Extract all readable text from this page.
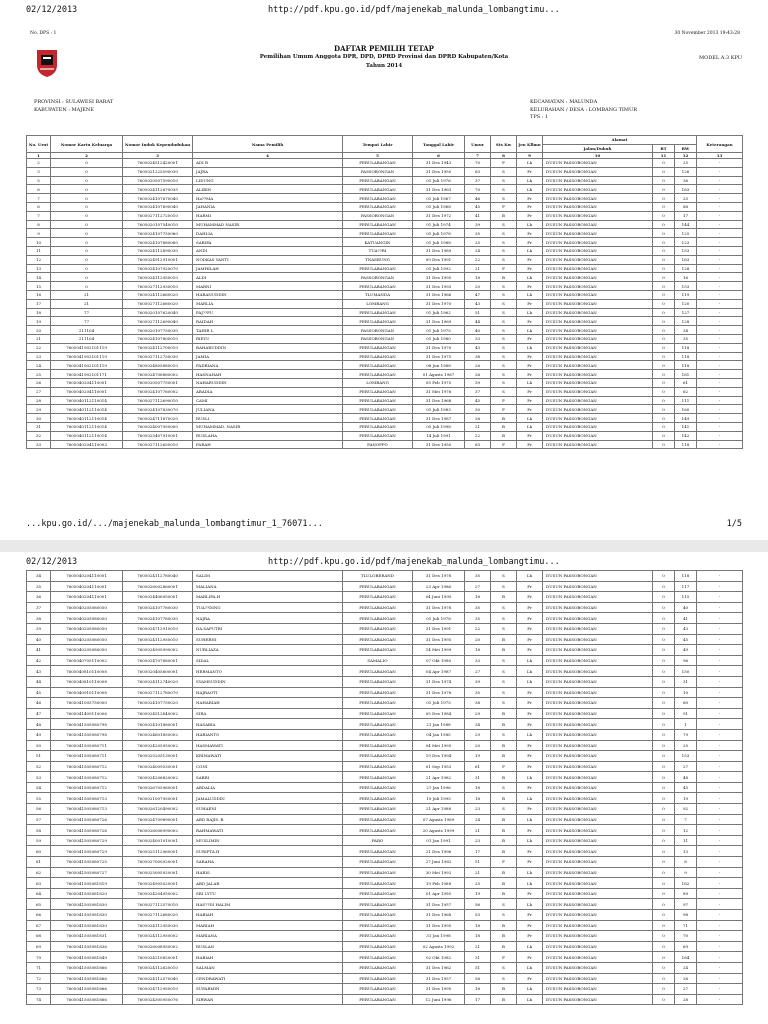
02/12/2013	http://pdf.kpu.go.id/pdf/majenekab_malunda_lombangtimu...
No. DPS : 1	30 November 2013 19:43:28
DAFTAR PEMILIH TETAP
Pemilihan Umum Anggota DPR, DPD, DPRD Provinsi dan DPRD Kabupaten/Kota
Tahun 2014
MODEL A.3 KPU
PROVINSI : SULAWESI BARAT
KABUPATEN : MAJENE
KECAMATAN : MALUNDA
KELURAHAN / DESA : LOMBANG TIMUR
TPS : 1
No. Urut	Nomor Kartu Keluarga	Nomor Induk Kependudukan	Nama Pemilih	Tempat Lahir	Tanggal Lahir	Umur	Sts Kw	Jen Kllmn	Alamat			Keterangan
									Jalan/Dukuh	RT	RW	
1	2	3	4	5	6	7	8	9	10	11	12	13
2	0	7605024512420001	ADI B	PERULABANGAN	31 Des 1943	70	P	Lk	DUSUN PASSOBONGAN	0	25	-
3	0	7605021225590030	JAJRA	PASSOBONGAN	31 Des 1950	63	S	Pr	DUSUN PASSOBONGAN	0	126	-
5	0	7605020507590010	LIDUNG	PERULABANGAN	01 Juli 1976	37	S	Lk	DUSUN PASSOBONGAN	0	36	-
6	0	7605024112670035	ALIBIN	PERULABANGAN	31 Des 1963	70	S	Lk	DUSUN PASSOBONGAN	0	163	-
7	0	7605024107670040	Ha??MA	PERULABANGAN	01 Juli 1967	46	S	Pr	DUSUN PASSOBONGAN	0	25	-
6	0	7605024107690040	JAHANIA	PERULABANGAN	01 Juli 1968	45	P	Pr	DUSUN PASSOBONGAN	0	88	-
7	0	7605027112720010	HARMI	PASSOBONGAN	31 Des 1972	41	B	Pr	DUSUN PASSOBONGAN	0	17	-
8	0	7605020107540010	MUHAMMAD NASIR	PERULABANGAN	01 Juli 1974	39	S	Lk	DUSUN PASSOBONGAN	0	144	-
9	0	7605024107750060	DAHLIA	PERULABANGAN	01 Juli 1978	35	S	Pr	DUSUN PASSOBONGAN	0	125	-
10	0	7605024107880080	SARIPA	KATUANGIN	01 Juli 1988	25	S	Pr	DUSUN PASSOBONGAN	0	123	-
11	0	7605024112890030	ANDI	TUA??RI	31 Des 1989	24	S	Lk	DUSUN PASSOBONGAN	0	153	-
12	0	7605024912910001	NODKAS YANTI	TNASBUNG	09 Des 1991	22	S	Pr	DUSUN PASSOBONGAN	0	163	-
13	0	7605024107920070	JAMHILAH	PERULABANGAN	01 Juli 1992	21	P	Pr	DUSUN PASSOBONGAN	0	128	-
14	0	7605024112950010	ALDI	PASSOBONGAN	31 Des 1995	18	B	Lk	DUSUN PASSOBONGAN	0	16	-
15	0	7605027112930010	MARNI	PERULABANGAN	31 Des 1993	20	S	Pr	DUSUN PASSOBONGAN	0	153	-
16	21	7605024112660020	HARANUDDIN	TLUMANDA	31 Des 1966	47	S	Lk	DUSUN PASSOBONGAN	0	119	-
17	21	7605027112680020	MARLIA	LOMBANG	31 Des 1970	43	S	Pr	DUSUN PASSOBONGAN	0	120	-
18	77	7605020107620040	PAJ??PU	PERULABANGAN	01 Juli 1962	51	S	Lk	DUSUN PASSOBONGAN	0	127	-
19	77	7605027112690040	RAIDAH	PERULABANGAN	31 Des 1969	44	S	Pr	DUSUN PASSOBONGAN	0	128	-
20	211104	7605020107750030	TAHIR L	PASSOBONGAN	01 Juli 1975	40	S	Lk	DUSUN PASSOBONGAN	0	34	-
21	211104	7605024107800010	RIEYU	PASSOBONGAN	01 Juli 1980	33	S	Pr	DUSUN PASSOBONGAN	0	35	-
22	7605041902101119	7605024112700010	BAHARUDDIN	PERULABANGAN	31 Des 1970	43	S	Lk	DUSUN PASSOBONGAN	0	118	-
23	7605041902101119	7605027112750030	JAMIA	PERULABANGAN	31 Des 1975	38	S	Pr	DUSUN PASSOBONGAN	0	118	-
24	7605041902101119	7605024805880010	FADRIANA	PERULABANGAN	08 Jun 1988	26	S	Pr	DUSUN PASSOBONGAN	0	118	-
25	7605041902101171	7605024708880002	HASNAHAH	PERULABANGAN	01 Agusts 1987	26	S	Pr	DUSUN PASSOBONGAN	0	161	-
26	7605040204110001	7605020507750001	NAHARUDDIN	LOMBANG	05 Feb 1975	39	S	Lk	DUSUN PASSOBONGAN	0	61	-
27	7605040204110001	7605024107760002	ABADIA	PERULABANGAN	31 Mei 1976	37	S	Pr	DUSUN PASSOBONGAN	0	62	-
28	7605040112110014	7605027112690010	CAMI	PERULABANGAN	31 Des 1968	45	P	Pr	DUSUN PASSOBONGAN	0	111	-
29	7605040112110014	7605024107830070	JULIANA	PERULABANGAN	01 Juli 1983	30	P	Pr	DUSUN PASSOBONGAN	0	160	-
30	7605040112110014	7605024711870020	RUSLI	PERULABANGAN	31 Des 1987	26	B	Lk	DUSUN PASSOBONGAN	0	149	-
31	7605040112110014	7605024007950000	MUHAMMAD. NASIR	PERULABANGAN	05 Juli 1998	21	B	Lk	DUSUN PASSOBONGAN	0	141	-
32	7605040112110014	7605025407910001	RUSLAHA	PERULABANGAN	14 Juli 1991	22	B	Pr	DUSUN PASSOBONGAN	0	142	-
33	7605040204110003	7605027112650010	FARAH	PANOPPO	31 Des 1950	63	P	Pr	DUSUN PASSOBONGAN	0	118	-
...kpu.go.id/.../majenekab_malunda_lombangtimur_1_76071...	1/5
02/12/2013	http://pdf.kpu.go.id/pdf/majenekab_malunda_lombangtimu...
34	7605040204110001	7605024112780040	SALIM	TLULOBERAND	31 Des 1978	35	S	Lk	DUSUN PASSOBONGAN	0	118	-
35	7605040204110001	7605026002860001	MALIANA	PERULABANGAN	23 Apr 1986	27	S	Pr	DUSUN PASSOBONGAN	0	117	-
36	7605040204110001	7605024406950001	MARLIPA.H	PERULABANGAN	04 Juni 1995	18	B	Pr	DUSUN PASSOBONGAN	0	115	-
37	7605040205080050	7605024107780030	TUA??DING	PERULABANGAN	31 Des 1978	35	S	Pr	DUSUN PASSOBONGAN	0	40	-
38	7605040205080050	7605024107780030	NAJRA	PERULABANGAN	01 Juli 1978	35	S	Pr	DUSUN PASSOBONGAN	0	41	-
39	7605040205080050	7605024712910010	DA.SAPUTRI	PERULABANGAN	31 Des 1991	22	S	Pr	DUSUN PASSOBONGAN	0	43	-
40	7605040205080050	7605024112950010	SUHERNI	PERULABANGAN	31 Des 1995	20	B	Pr	DUSUN PASSOBONGAN	0	45	-
41	7605040205080050	7605024905990002	NURLIAZA	PERULABANGAN	14 Mei 1999	18	B	Pr	DUSUN PASSOBONGAN	0	49	-
42	7605040705110002	7605024707880001	SIDAL	SAMALIO	07 Okt 1980	33	S	Lk	DUSUN PASSOBONGAN	0	96	-
43	7605040810110008	7605020405600001	HERMANTO	PERULABANGAN	04 Apr 1987	27	S	Lk	DUSUN PASSOBONGAN	0	150	-
44	7605040810110008	7605024112740020	SYAMSUDDIN	PERULABANGAN	31 Des 1974	39	S	Lk	DUSUN PASSOBONGAN	0	31	-
45	7605040910110008	7605027112780070	HAJRAOTI	PERULABANGAN	31 Des 1978	35	S	Pr	DUSUN PASSOBONGAN	0	10	-
46	7605041005750000	7605024107750020	NAHARIAH	PERULABANGAN	01 Juli 1975	38	S	Pr	DUSUN PASSOBONGAN	0	60	-
47	7605041409110006	7605024512840002	SIRA	PERULABANGAN	05 Des 1984	29	B	Pr	DUSUN PASSOBONGAN	0	91	-
48	7605041505080798	7605024101880001	HASABIA	PERULABANGAN	21 Jan 1988	34	B	Pr	DUSUN PASSOBONGAN	0	1	-
49	7605041505080798	7605024601850002	HARIANTO	PERULABANGAN	04 Jan 1985	29	S	Lk	DUSUN PASSOBONGAN	0	79	-
50	7605041505080711	7605024205950002	HASMAWATI	PERULABANGAN	04 Mei 1995	20	B	Pr	DUSUN PASSOBONGAN	0	25	-
51	7605041505080711	7605025205130001	KRIMAWATI	PERULABANGAN	19 Des 1994	19	B	Pr	DUSUN PASSOBONGAN	0	153	-
52	7605041505080712	7605024009530001	CONI	PERULABANGAN	01 Sep 1953	61	P	Pr	DUSUN PASSOBONGAN	0	27	-
53	7605041505080712	7605024206820002	SABRI	PERULABANGAN	21 Apr 1982	31	B	Lk	DUSUN PASSOBONGAN	0	48	-
54	7605041505080712	7605026705960001	ABDALIA	PERULABANGAN	27 Jan 1996	18	S	Pr	DUSUN PASSOBONGAN	0	45	-
55	7605041505080713	7605021007950001	JAMALUDDIN	PERULABANGAN	19 Juli 1995	18	B	Lk	DUSUN PASSOBONGAN	0	19	-
56	7605041505080713	7605026120490002	SUHAENI	PERULABANGAN	21 Apr 1988	23	S	Pr	DUSUN PASSOBONGAN	0	92	-
57	7605041505080726	7605024709890001	ABD RAJIS. B	PERULABANGAN	07 Agusts 1989	24	B	Lk	DUSUN PASSOBONGAN	0	7	-
58	7605041505080726	7605026008990002	RAHMAWATI	PERULABANGAN	20 Agusts 1999	21	B	Pr	DUSUN PASSOBONGAN	0	12	-
59	7605041505080729	7605024001910001	MUSLIMIN	PARO	01 Jan 1991	23	B	Lk	DUSUN PASSOBONGAN	0	11	-
60	7605041505080729	7605025112960001	SURIPTA.H	PERULABANGAN	21 Des 1996	17	B	Pr	DUSUN PASSOBONGAN	0	13	-
61	7605041505080725	7605027000920001	SARAHA	PERULABANGAN	27 Juni 1962	51	P	Pr	DUSUN PASSOBONGAN	0	8	-
62	7605041505080727	7605025005920001	HARIS	PERULABANGAN	30 Mei 1992	21	B	Lk	DUSUN PASSOBONGAN	0	9	-
63	7605041505081819	7605024905020001	ABD JALAR	PERULABANGAN	19 Feb 1988	25	B	Lk	DUSUN PASSOBONGAN	0	162	-
64	7605041505081820	7605024204950002	SRI LYTU	PERULABANGAN	01 Apr 1995	19	B	Pr	DUSUN PASSOBONGAN	0	89	-
65	7605041505081830	7605027112570010	HAS??DI HALIM	PERULABANGAN	31 Des 1957	56	S	Lk	DUSUN PASSOBONGAN	0	97	-
66	7605041505081830	7605027112680020	HABIAH	PERULABANGAN	31 Des 1968	53	S	Pr	DUSUN PASSOBONGAN	0	98	-
67	7605041505081830	7605024112950030	MARIAH	PERULABANGAN	31 Des 1995	18	B	Pr	DUSUN PASSOBONGAN	0	71	-
68	7605041505081831	7605024112950002	MARIANA	PERULABANGAN	31 Jan 1998	18	B	Pr	DUSUN PASSOBONGAN	0	70	-
69	7605041505081836	7605026008950002	RUSLAN	PERULABANGAN	02 Agusts 1992	21	B	Lk	DUSUN PASSOBONGAN	0	69	-
70	7605041505081849	7605024210820001	HABIAH	PERULABANGAN	02 Okt 1982	31	P	Pr	DUSUN PASSOBONGAN	0	164	-
71	7605041505081866	7605024112620010	SALMAN	PERULABANGAN	31 Des 1962	51	S	Lk	DUSUN PASSOBONGAN	0	24	-
72	7605041505081866	7605024112570040	CENDRAWATI	PERULABANGAN	31 Des 1957	56	S	Pr	DUSUN PASSOBONGAN	0	26	-
73	7605041505081866	7605024712950010	SUPARMIN	PERULABANGAN	31 Des 1995	18	B	Lk	DUSUN PASSOBONGAN	0	27	-
74	7605041505081866	7605024305950076	SIRWAN	PERULABANGAN	12 Juni 1996	17	B	Lk	DUSUN PASSOBONGAN	0	28	-
